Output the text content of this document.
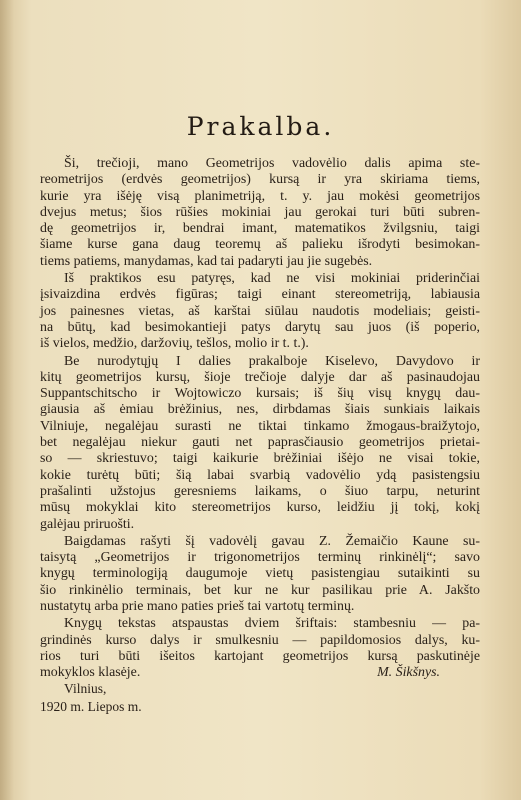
Prakalba.
Ši, trečioji, mano Geometrijos vadovėlio dalis apima ste-
reometrijos (erdvės geometrijos) kursą ir yra skiriama tiems,
kurie yra išėję visą planimetriją, t. y. jau mokėsi geometrijos
dvejus metus; šios rūšies mokiniai jau gerokai turi būti subren-
dę geometrijos ir, bendrai imant, matematikos žvilgsniu, taigi
šiame kurse gana daug teoremų aš palieku išrodyti besimokan-
tiems patiems, manydamas, kad tai padaryti jau jie sugebės.
Iš praktikos esu patyręs, kad ne visi mokiniai priderinčiai
įsivaizdina erdvės figūras; taigi einant stereometriją, labiausia
jos painesnes vietas, aš karštai siūlau naudotis modeliais; geisti-
na būtų, kad besimokantieji patys darytų sau juos (iš poperio,
iš vielos, medžio, daržovių, tešlos, molio ir t. t.).
Be nurodytųjų I dalies prakalboje Kiselevo, Davydovo ir
kitų geometrijos kursų, šioje trečioje dalyje dar aš pasinaudojau
Suppantschitscho ir Wojtowiczo kursais; iš šių visų knygų dau-
giausia aš ėmiau brėžinius, nes, dirbdamas šiais sunkiais laikais
Vilniuje, negalėjau surasti ne tiktai tinkamo žmogaus-braižytojo,
bet negalėjau niekur gauti net paprasčiausio geometrijos prietai-
so — skriestuvo; taigi kaikurie brėžiniai išėjo ne visai tokie,
kokie turėtų būti; šią labai svarbią vadovėlio ydą pasistengsiu
prašalinti užstojus geresniems laikams, o šiuo tarpu, neturint
mūsų mokyklai kito stereometrijos kurso, leidžiu jį tokį, kokį
galėjau priruošti.
Baigdamas rašyti šį vadovėlį gavau Z. Žemaičio Kaune su-
taisytą „Geometrijos ir trigonometrijos terminų rinkinėlį“; savo
knygų terminologiją daugumoje vietų pasistengiau sutaikinti su
šio rinkinėlio terminais, bet kur ne kur pasilikau prie A. Jakšto
nustatytų arba prie mano paties prieš tai vartotų terminų.
Knygų tekstas atspaustas dviem šriftais: stambesniu — pa-
grindinės kurso dalys ir smulkesniu — papildomosios dalys, ku-
rios turi būti išeitos kartojant geometrijos kursą paskutinėje
mokyklos klasėje.	M. Šikšnys.
Vilnius,
1920 m. Liepos m.
